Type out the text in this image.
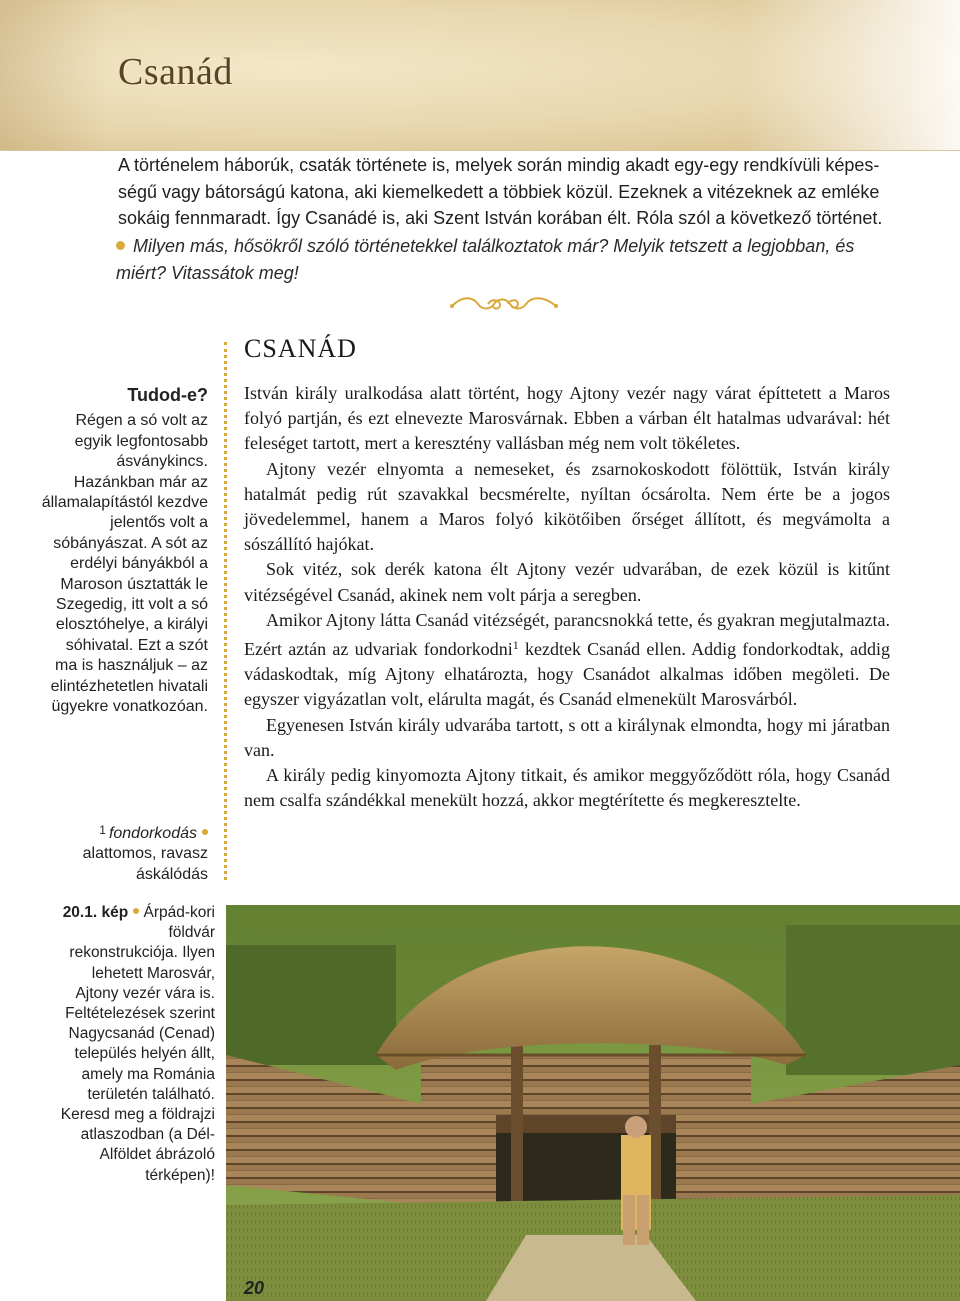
Csanád

A történelem háborúk, csaták története is, melyek során mindig akadt egy-egy rendkívüli képességű vagy bátorságú katona, aki kiemelkedett a többiek közül. Ezeknek a vitézeknek az emléke sokáig fennmaradt. Így Csanádé is, aki Szent István korában élt. Róla szól a következő történet.

Milyen más, hősökről szóló történetekkel találkoztatok már? Melyik tetszett a legjobban, és miért? Vitassátok meg!
Tudod-e?
Régen a só volt az egyik legfontosabb ásványkincs. Hazánkban már az államalapítástól kezdve jelentős volt a sóbányászat. A sót az erdélyi bányákból a Maroson úsztatták le Szegedig, itt volt a só elosztóhelye, a királyi sóhivatal. Ezt a szót ma is használjuk – az elintézhetetlen hivatali ügyekre vonatkozóan.
$^1$ fondorkodás alattomos, ravasz áskálódás
CSANÁD

István király uralkodása alatt történt, hogy Ajtony vezér nagy várat építtetett a Maros folyó partján, és ezt elnevezte Marosvárnak. Ebben a várban élt hatalmas udvarával: hét feleséget tartott, mert a keresztény vallásban még nem volt tökéletes.

Ajtony vezér elnyomta a nemeseket, és zsarnokoskodott fölöttük, István király hatalmát pedig rút szavakkal becsmérelte, nyíltan ócsárolta. Nem érte be a jogos jövedelemmel, hanem a Maros folyó kikötőiben őrséget állított, és megvámolta a sószállító hajókat.

Sok vitéz, sok derék katona élt Ajtony vezér udvarában, de ezek közül is kitűnt vitézségével Csanád, akinek nem volt párja a seregben.

Amikor Ajtony látta Csanád vitézségét, parancsnokká tette, és gyakran megjutalmazta. Ezért aztán az udvariak fondorkodni$^1$ kezdtek Csanád ellen. Addig fondorkodtak, addig vádaskodtak, míg Ajtony elhatározta, hogy Csanádot alkalmas időben megöleti. De egyszer vigyázatlan volt, elárulta magát, és Csanád elmenekült Marosvárból.

Egyenesen István király udvarába tartott, s ott a királynak elmondta, hogy mi járatban van.

A király pedig kinyomozta Ajtony titkait, és amikor meggyőződött róla, hogy Csanád nem csalfa szándékkal menekült hozzá, akkor megtérítette és megkeresztelte.

20.1. kép Árpád-kori földvár rekonstrukciója. Ilyen lehetett Marosvár, Ajtony vezér vára is. Feltételezések szerint Nagycsanád (Cenad) település helyén állt, amely ma Románia területén található. Keresd meg a földrajzi atlaszodban (a Dél-Alföldet ábrázoló térképen)!
20
